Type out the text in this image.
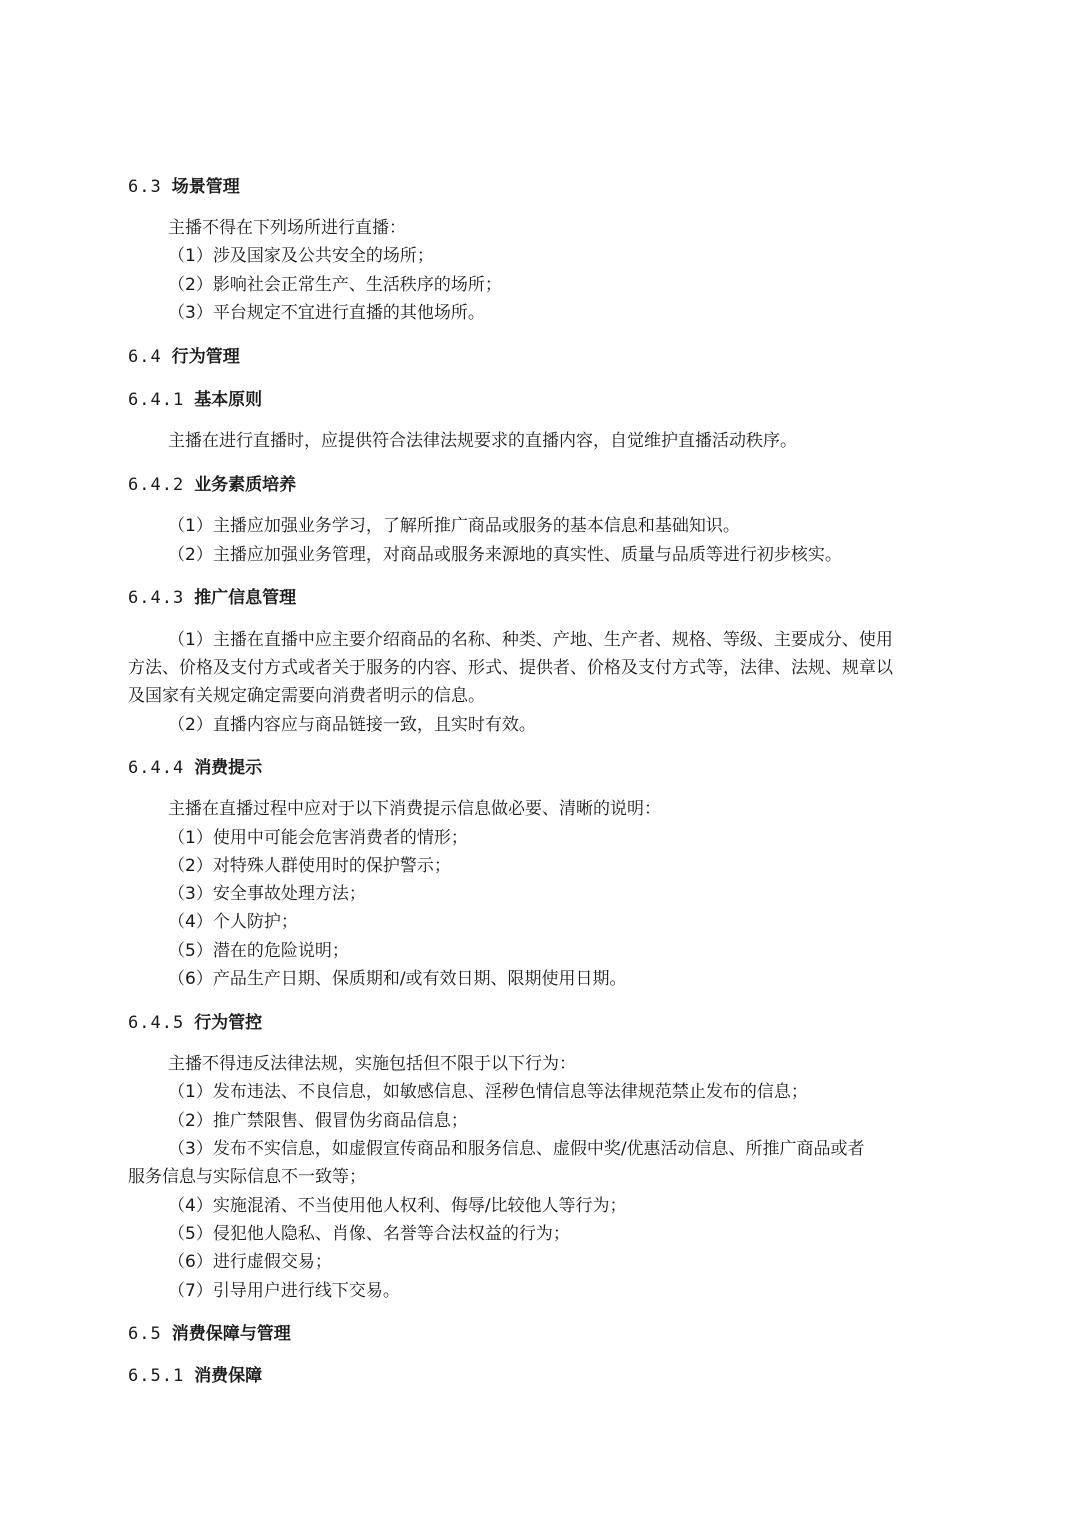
6.3 场景管理
主播不得在下列场所进行直播：
（1）涉及国家及公共安全的场所；
（2）影响社会正常生产、生活秩序的场所；
（3）平台规定不宜进行直播的其他场所。
6.4 行为管理
6.4.1 基本原则
主播在进行直播时，应提供符合法律法规要求的直播内容，自觉维护直播活动秩序。
6.4.2 业务素质培养
（1）主播应加强业务学习，了解所推广商品或服务的基本信息和基础知识。
（2）主播应加强业务管理，对商品或服务来源地的真实性、质量与品质等进行初步核实。
6.4.3 推广信息管理
（1）主播在直播中应主要介绍商品的名称、种类、产地、生产者、规格、等级、主要成分、使用
方法、价格及支付方式或者关于服务的内容、形式、提供者、价格及支付方式等，法律、法规、规章以
及国家有关规定确定需要向消费者明示的信息。
（2）直播内容应与商品链接一致，且实时有效。
6.4.4 消费提示
主播在直播过程中应对于以下消费提示信息做必要、清晰的说明：
（1）使用中可能会危害消费者的情形；
（2）对特殊人群使用时的保护警示；
（3）安全事故处理方法；
（4）个人防护；
（5）潜在的危险说明；
（6）产品生产日期、保质期和/或有效日期、限期使用日期。
6.4.5 行为管控
主播不得违反法律法规，实施包括但不限于以下行为：
（1）发布违法、不良信息，如敏感信息、淫秽色情信息等法律规范禁止发布的信息；
（2）推广禁限售、假冒伪劣商品信息；
（3）发布不实信息，如虚假宣传商品和服务信息、虚假中奖/优惠活动信息、所推广商品或者
服务信息与实际信息不一致等；
（4）实施混淆、不当使用他人权利、侮辱/比较他人等行为；
（5）侵犯他人隐私、肖像、名誉等合法权益的行为；
（6）进行虚假交易；
（7）引导用户进行线下交易。
6.5 消费保障与管理
6.5.1 消费保障
